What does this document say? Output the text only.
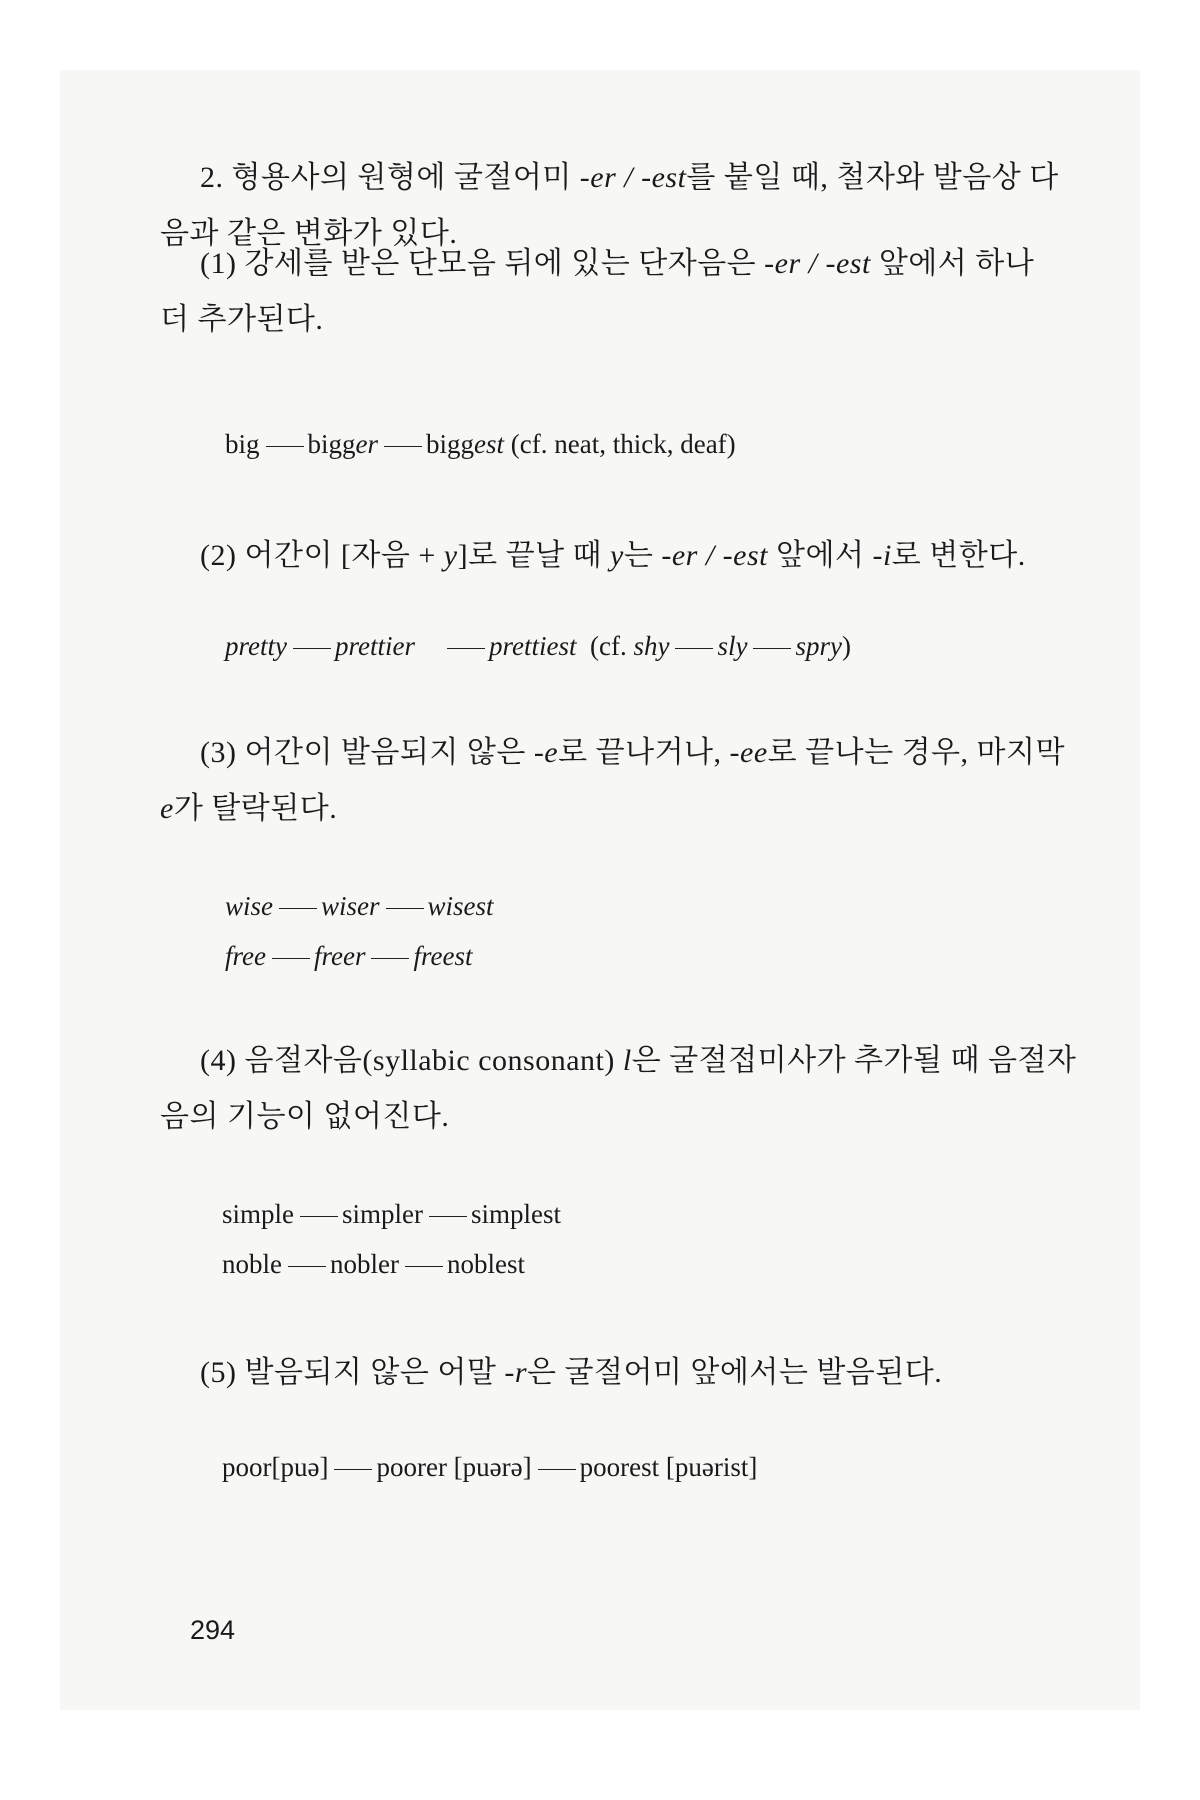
2. 형용사의 원형에 굴절어미 -er / -est를 붙일 때, 철자와 발음상 다
음과 같은 변화가 있다.

(1) 강세를 받은 단모음 뒤에 있는 단자음은 -er / -est 앞에서 하나
더 추가된다.

big bigger biggest (cf. neat, thick, deaf)

(2) 어간이 [자음 + y]로 끝날 때 y는 -er / -est 앞에서 -i로 변한다.

pretty prettier	prettiest  (cf. shy sly spry)

(3) 어간이 발음되지 않은 -e로 끝나거나, -ee로 끝나는 경우, 마지막
e가 탈락된다.

wise wiser wisest

free freer freest

(4) 음절자음(syllabic consonant) l은 굴절접미사가 추가될 때 음절자
음의 기능이 없어진다.

simple simpler simplest

noble nobler noblest

(5) 발음되지 않은 어말 -r은 굴절어미 앞에서는 발음된다.

poor[puə] poorer [puərə] poorest [puərist]

294
